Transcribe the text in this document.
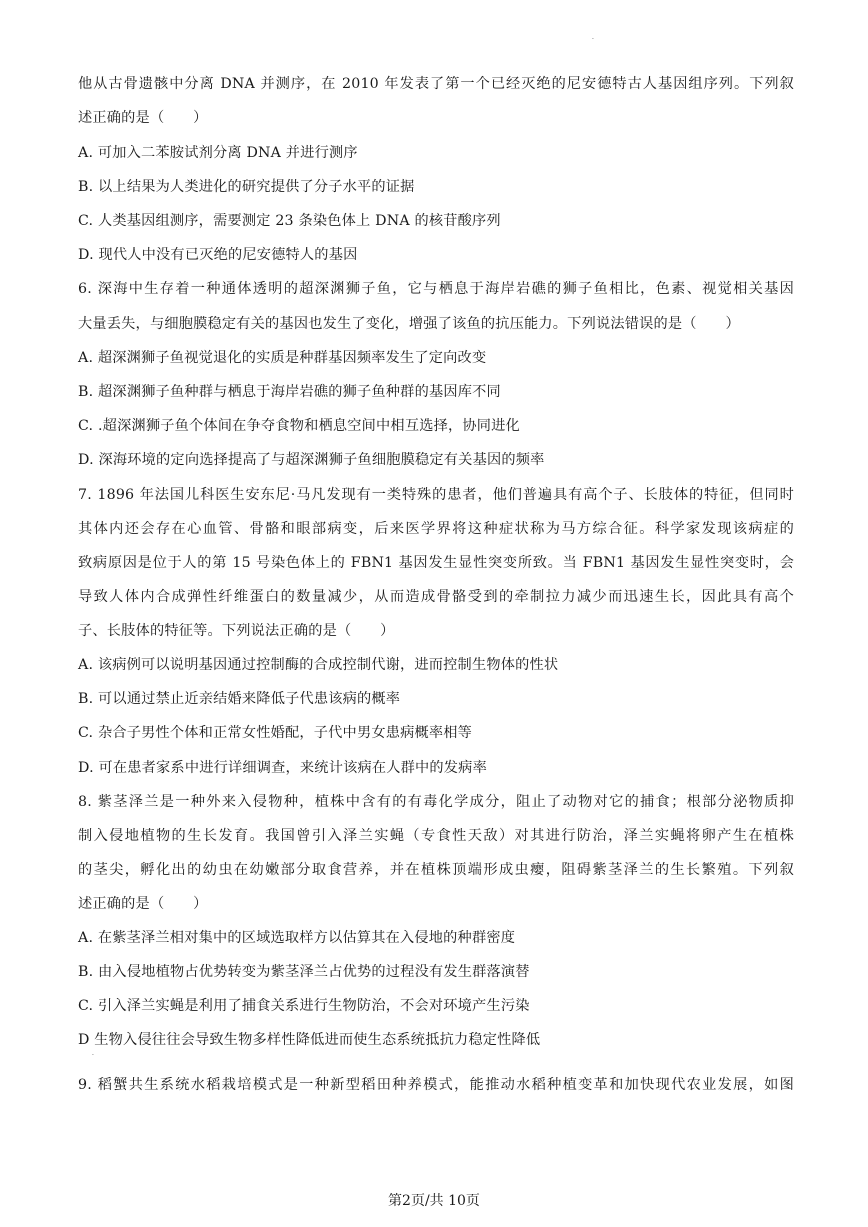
·
他从古骨遗骸中分离 DNA 并测序，在 2010 年发表了第一个已经灭绝的尼安德特古人基因组序列。下列叙
述正确的是（　　）
A. 可加入二苯胺试剂分离 DNA 并进行测序
B. 以上结果为人类进化的研究提供了分子水平的证据
C. 人类基因组测序，需要测定 23 条染色体上 DNA 的核苷酸序列
D. 现代人中没有已灭绝的尼安德特人的基因
6. 深海中生存着一种通体透明的超深渊狮子鱼，它与栖息于海岸岩礁的狮子鱼相比，色素、视觉相关基因
大量丢失，与细胞膜稳定有关的基因也发生了变化，增强了该鱼的抗压能力。下列说法错误的是（　　）
A. 超深渊狮子鱼视觉退化的实质是种群基因频率发生了定向改变
B. 超深渊狮子鱼种群与栖息于海岸岩礁的狮子鱼种群的基因库不同
C. .超深渊狮子鱼个体间在争夺食物和栖息空间中相互选择，协同进化
D. 深海环境的定向选择提高了与超深渊狮子鱼细胞膜稳定有关基因的频率
7. 1896 年法国儿科医生安东尼·马凡发现有一类特殊的患者，他们普遍具有高个子、长肢体的特征，但同时
其体内还会存在心血管、骨骼和眼部病变，后来医学界将这种症状称为马方综合征。科学家发现该病症的
致病原因是位于人的第 15 号染色体上的 FBN1 基因发生显性突变所致。当 FBN1 基因发生显性突变时，会
导致人体内合成弹性纤维蛋白的数量减少，从而造成骨骼受到的牵制拉力减少而迅速生长，因此具有高个
子、长肢体的特征等。下列说法正确的是（　　）
A. 该病例可以说明基因通过控制酶的合成控制代谢，进而控制生物体的性状
B. 可以通过禁止近亲结婚来降低子代患该病的概率
C. 杂合子男性个体和正常女性婚配，子代中男女患病概率相等
D. 可在患者家系中进行详细调查，来统计该病在人群中的发病率
8. 紫茎泽兰是一种外来入侵物种，植株中含有的有毒化学成分，阻止了动物对它的捕食；根部分泌物质抑
制入侵地植物的生长发育。我国曾引入泽兰实蝇（专食性天敌）对其进行防治，泽兰实蝇将卵产生在植株
的茎尖，孵化出的幼虫在幼嫩部分取食营养，并在植株顶端形成虫瘿，阻碍紫茎泽兰的生长繁殖。下列叙
述正确的是（　　）
A. 在紫茎泽兰相对集中的区域选取样方以估算其在入侵地的种群密度
B. 由入侵地植物占优势转变为紫茎泽兰占优势的过程没有发生群落演替
C. 引入泽兰实蝇是利用了捕食关系进行生物防治，不会对环境产生污染
D 生物入侵往往会导致生物多样性降低进而使生态系统抵抗力稳定性降低
·
9. 稻蟹共生系统水稻栽培模式是一种新型稻田种养模式，能推动水稻种植变革和加快现代农业发展，如图
第2页/共 10页
